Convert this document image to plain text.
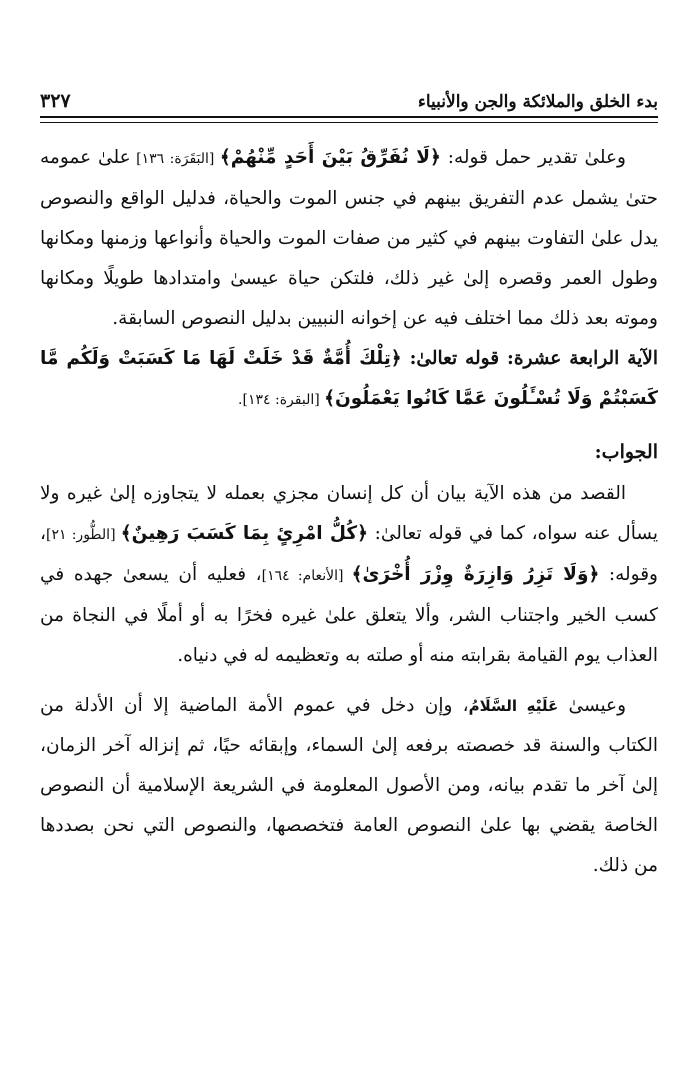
بدء الخلق والملائكة والجن والأنبياء
٣٢٧

وعلىٰ تقدير حمل قوله: ﴿لَا نُفَرِّقُ بَيْنَ أَحَدٍ مِّنْهُمْ﴾ [البَقَرَة: ١٣٦] علىٰ عمومه حتىٰ يشمل عدم التفريق بينهم في جنس الموت والحياة، فدليل الواقع والنصوص يدل علىٰ التفاوت بينهم في كثير من صفات الموت والحياة وأنواعها وزمنها ومكانها وطول العمر وقصره إلىٰ غير ذلك، فلتكن حياة عيسىٰ وامتدادها طويلًا ومكانها وموته بعد ذلك مما اختلف فيه عن إخوانه النبيين بدليل النصوص السابقة.

الآية الرابعة عشرة: قوله تعالىٰ: ﴿تِلْكَ أُمَّةٌ قَدْ خَلَتْ لَهَا مَا كَسَبَتْ وَلَكُم مَّا كَسَبْتُمْ وَلَا تُسْـَٔلُونَ عَمَّا كَانُوا يَعْمَلُونَ﴾ [البقرة: ١٣٤].

الجواب:

القصد من هذه الآية بيان أن كل إنسان مجزي بعمله لا يتجاوزه إلىٰ غيره ولا يسأل عنه سواه، كما في قوله تعالىٰ: ﴿كُلُّ امْرِئٍ بِمَا كَسَبَ رَهِينٌ﴾ [الطُّور: ٢١]، وقوله: ﴿وَلَا تَزِرُ وَازِرَةٌ وِزْرَ أُخْرَىٰ﴾ [الأنعام: ١٦٤]، فعليه أن يسعىٰ جهده في كسب الخير واجتناب الشر، وألا يتعلق علىٰ غيره فخرًا به أو أملًا في النجاة من العذاب يوم القيامة بقرابته منه أو صلته به وتعظيمه له في دنياه.

وعيسىٰ عَلَيْهِ السَّلَامُ، وإن دخل في عموم الأمة الماضية إلا أن الأدلة من الكتاب والسنة قد خصصته برفعه إلىٰ السماء، وإبقائه حيًا، ثم إنزاله آخر الزمان، إلىٰ آخر ما تقدم بيانه، ومن الأصول المعلومة في الشريعة الإسلامية أن النصوص الخاصة يقضي بها علىٰ النصوص العامة فتخصصها، والنصوص التي نحن بصددها من ذلك.
